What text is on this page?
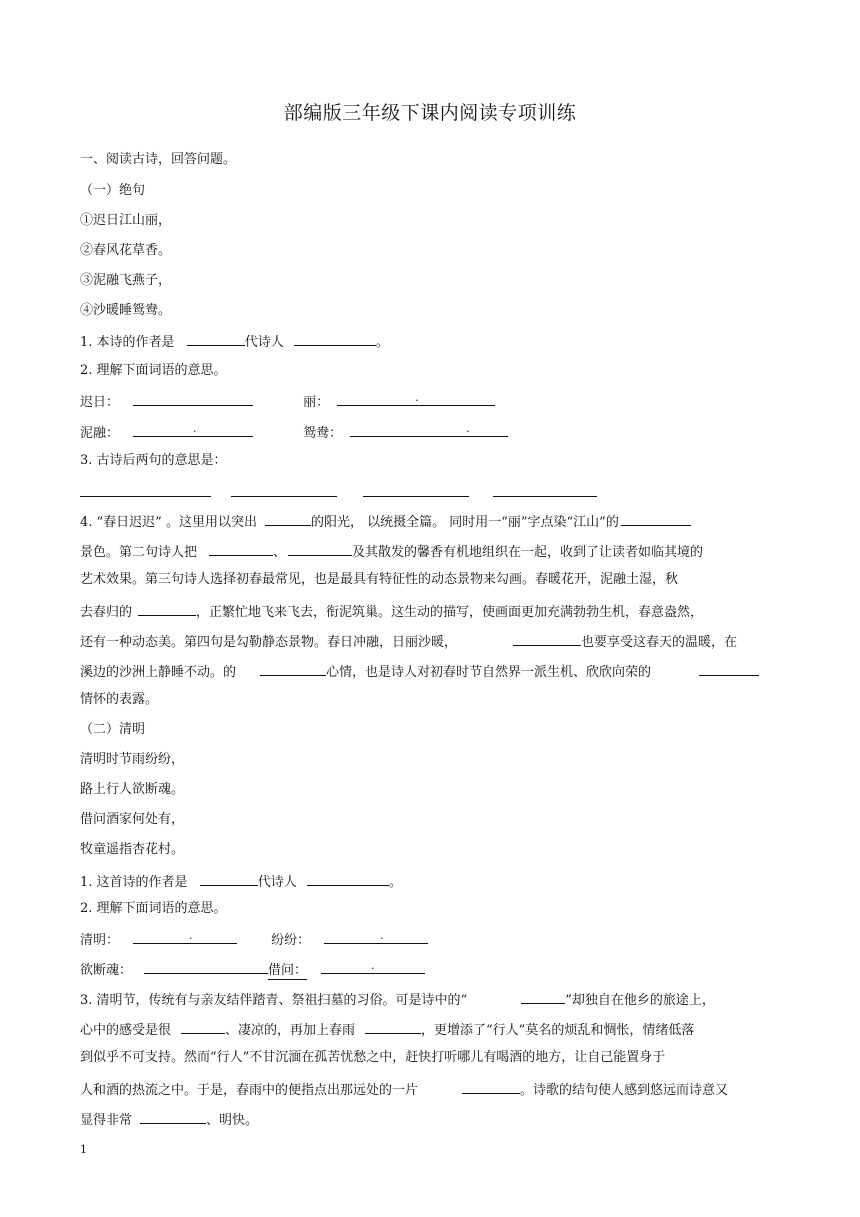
部编版三年级下课内阅读专项训练
一、阅读古诗，回答问题。
（一）绝句
①迟日江山丽，
②春风花草香。
③泥融飞燕子，
④沙暖睡鸳鸯。
1. 本诗的作者是	代诗人	。
2. 理解下面词语的意思。
迟日：	丽：	.
泥融：	.	鸳鸯：	.
3. 古诗后两句的意思是：

4. “春日迟迟” 。这里用以突出	的阳光， 以统摄全篇。 同时用一“丽”字点染“江山”的
景色。第二句诗人把	、	及其散发的馨香有机地组织在一起，收到了让读者如临其境的
艺术效果。第三句诗人选择初春最常见，也是最具有特征性的动态景物来勾画。春暖花开，泥融土湿，秋
去春归的	，正繁忙地飞来飞去，衔泥筑巢。这生动的描写，使画面更加充满勃勃生机，春意盎然，
还有一种动态美。第四句是勾勒静态景物。春日冲融，日丽沙暖，	也要享受这春天的温暖，在
溪边的沙洲上静睡不动。的	心情，也是诗人对初春时节自然界一派生机、欣欣向荣的
情怀的表露。
（二）清明
清明时节雨纷纷，
路上行人欲断魂。
借问酒家何处有，
牧童遥指杏花村。
1. 这首诗的作者是	代诗人	。
2. 理解下面词语的意思。
清明：	.	纷纷：	.
欲断魂：	借问：	.
3. 清明节，传统有与亲友结伴踏青、祭祖扫墓的习俗。可是诗中的“	”却独自在他乡的旅途上，
心中的感受是很	、凄凉的，再加上春雨	，更增添了“行人”莫名的烦乱和惆怅，情绪低落
到似乎不可支持。然而“行人”不甘沉湎在孤苦忧愁之中，赶快打听哪儿有喝酒的地方，让自己能置身于
人和酒的热流之中。于是，春雨中的便指点出那远处的一片	。诗歌的结句使人感到悠远而诗意又
显得非常	、明快。
1
